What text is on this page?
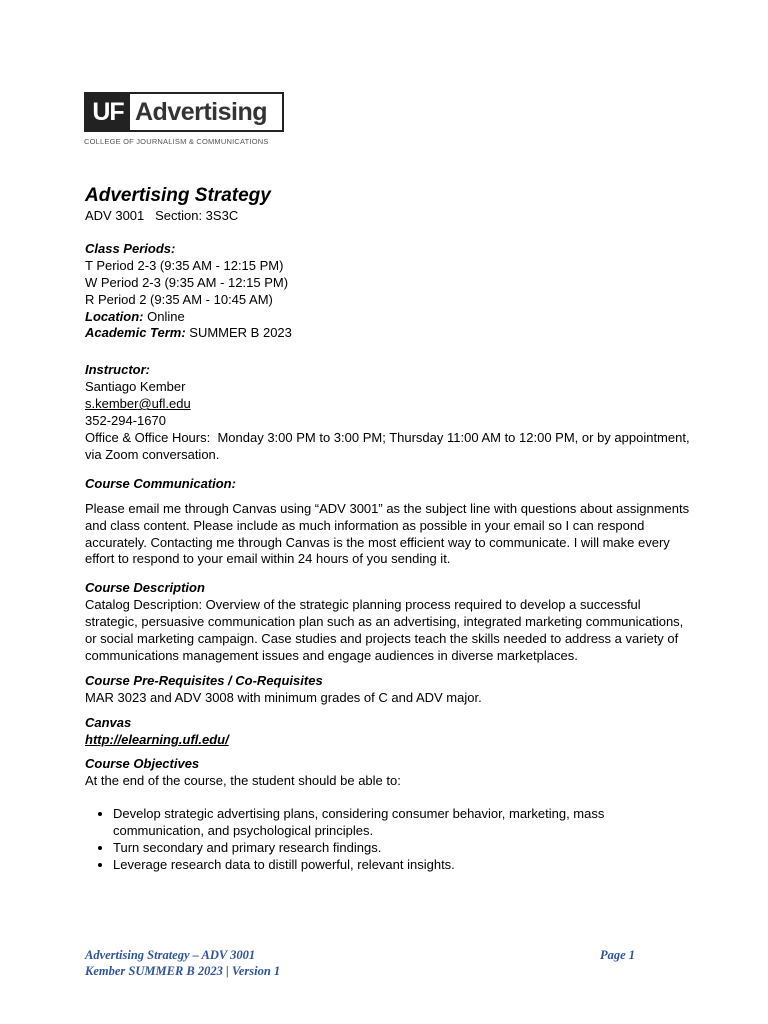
UF Advertising
COLLEGE OF JOURNALISM & COMMUNICATIONS
Advertising Strategy
ADV 3001   Section: 3S3C
Class Periods:
T Period 2-3 (9:35 AM - 12:15 PM)
W Period 2-3 (9:35 AM - 12:15 PM)
R Period 2 (9:35 AM - 10:45 AM)
Location: Online
Academic Term: SUMMER B 2023
Instructor:
Santiago Kember
s.kember@ufl.edu
352-294-1670
Office & Office Hours:  Monday 3:00 PM to 3:00 PM; Thursday 11:00 AM to 12:00 PM, or by appointment, via Zoom conversation.
Course Communication:
Please email me through Canvas using “ADV 3001” as the subject line with questions about assignments and class content. Please include as much information as possible in your email so I can respond accurately. Contacting me through Canvas is the most efficient way to communicate. I will make every effort to respond to your email within 24 hours of you sending it.
Course Description
Catalog Description: Overview of the strategic planning process required to develop a successful strategic, persuasive communication plan such as an advertising, integrated marketing communications, or social marketing campaign. Case studies and projects teach the skills needed to address a variety of communications management issues and engage audiences in diverse marketplaces.
Course Pre-Requisites / Co-Requisites
MAR 3023 and ADV 3008 with minimum grades of C and ADV major.
Canvas
http://elearning.ufl.edu/
Course Objectives
At the end of the course, the student should be able to:
• Develop strategic advertising plans, considering consumer behavior, marketing, mass communication, and psychological principles.
• Turn secondary and primary research findings.
• Leverage research data to distill powerful, relevant insights.
Advertising Strategy – ADV 3001
Kember SUMMER B 2023 | Version 1
Page 1
